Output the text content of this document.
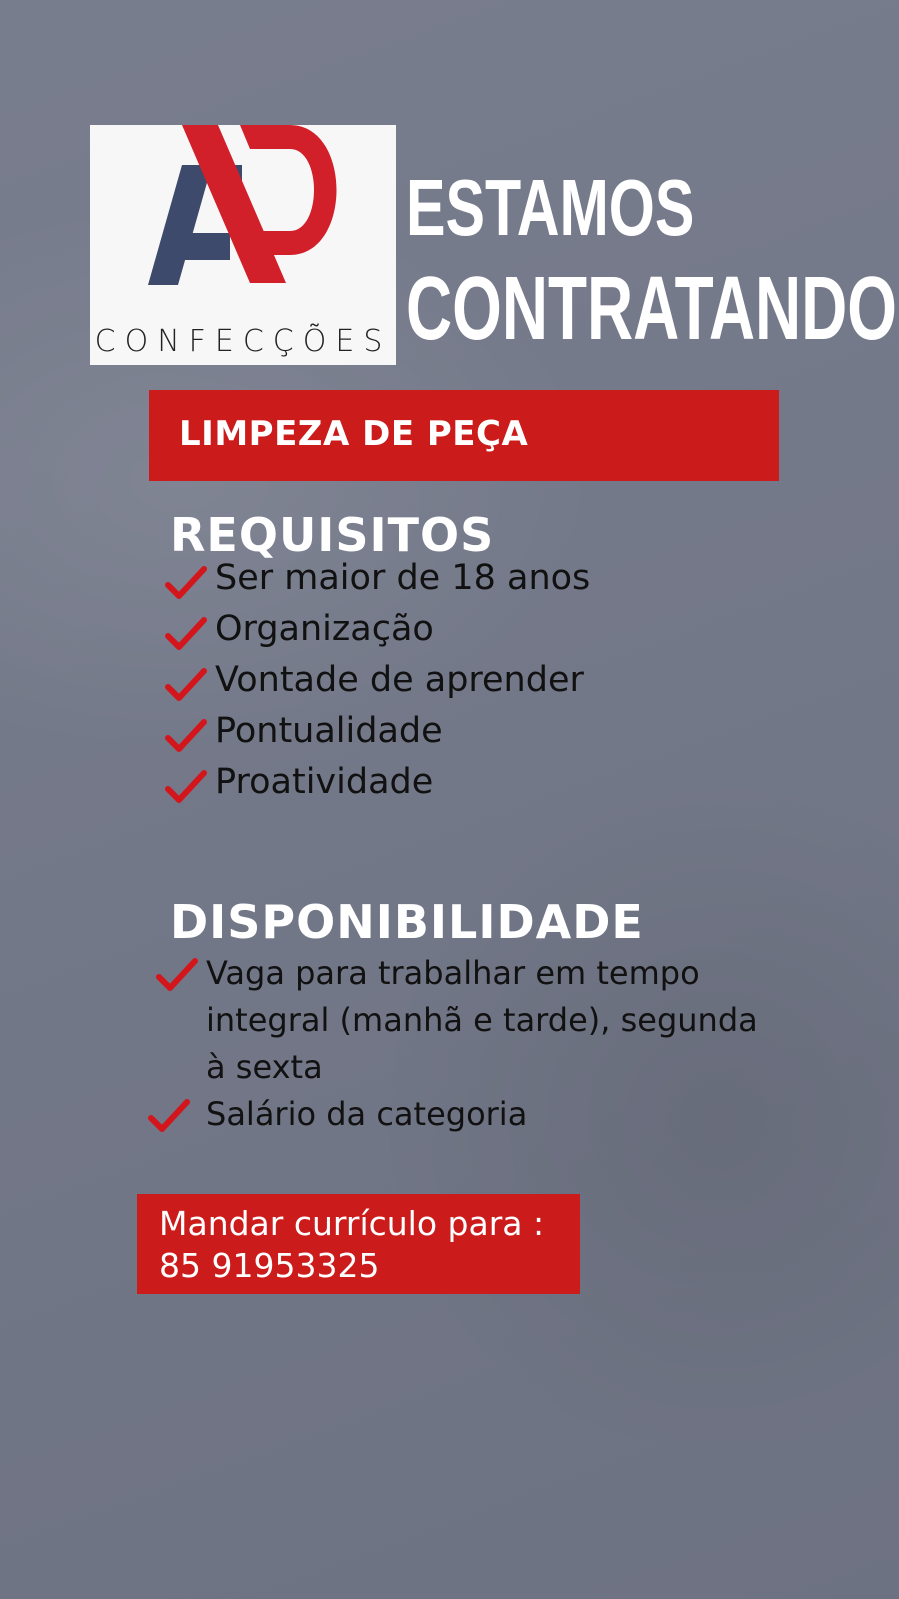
CONFECÇÕES
ESTAMOS
CONTRATANDO
LIMPEZA DE PEÇA
REQUISITOS
Ser maior de 18 anos
Organização
Vontade de aprender
Pontualidade
Proatividade
DISPONIBILIDADE
Vaga para trabalhar em tempo integral (manhã e tarde), segunda à sexta
Salário da categoria
Mandar currículo para :
85 91953325
